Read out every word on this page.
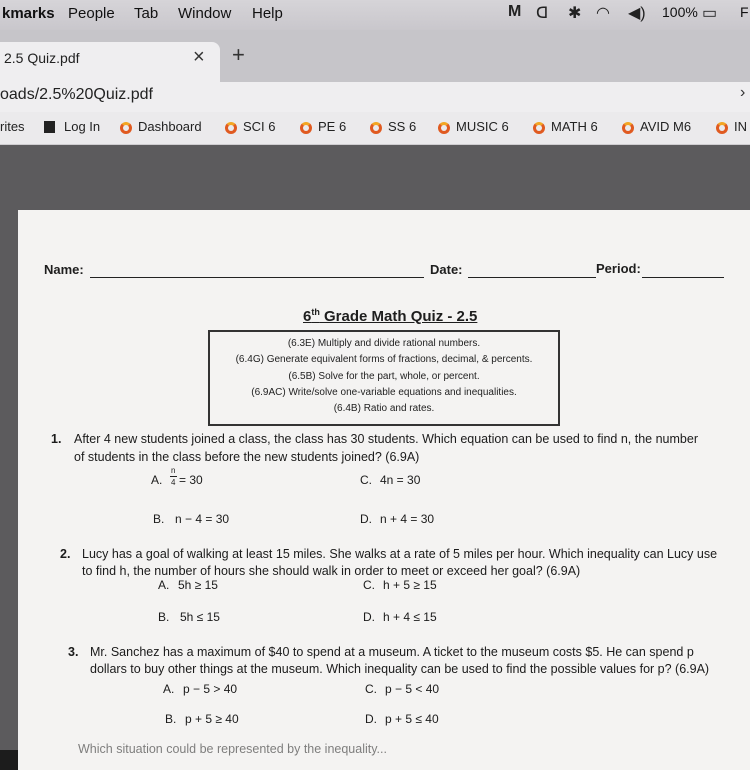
kmarks People Tab Window Help	M ᗡ ✱ ◠ ◀) 100% ▭ F
2.5 Quiz.pdf	× +
oads/2.5%20Quiz.pdf	›
rites	Log In	Dashboard	SCI 6	PE 6	SS 6	MUSIC 6	MATH 6	AVID M6	IN
Name:	Date:	Period:
6th Grade Math Quiz - 2.5
(6.3E) Multiply and divide rational numbers.
(6.4G) Generate equivalent forms of fractions, decimal, & percents.
(6.5B) Solve for the part, whole, or percent.
(6.9AC) Write/solve one-variable equations and inequalities.
(6.4B) Ratio and rates.
1. After 4 new students joined a class, the class has 30 students. Which equation can be used to find n, the number
of students in the class before the new students joined? (6.9A)
A.
n
4 = 30	C. 4n = 30
B. n − 4 = 30	D. n + 4 = 30
2. Lucy has a goal of walking at least 15 miles. She walks at a rate of 5 miles per hour. Which inequality can Lucy use
to find h, the number of hours she should walk in order to meet or exceed her goal? (6.9A)
A. 5h ≥ 15	C. h + 5 ≥ 15
B. 5h ≤ 15	D. h + 4 ≤ 15
3. Mr. Sanchez has a maximum of $40 to spend at a museum. A ticket to the museum costs $5. He can spend p
dollars to buy other things at the museum. Which inequality can be used to find the possible values for p? (6.9A)
A. p − 5 > 40	C. p − 5 < 40
B. p + 5 ≥ 40	D. p + 5 ≤ 40
Which situation could be represented by the inequality...
